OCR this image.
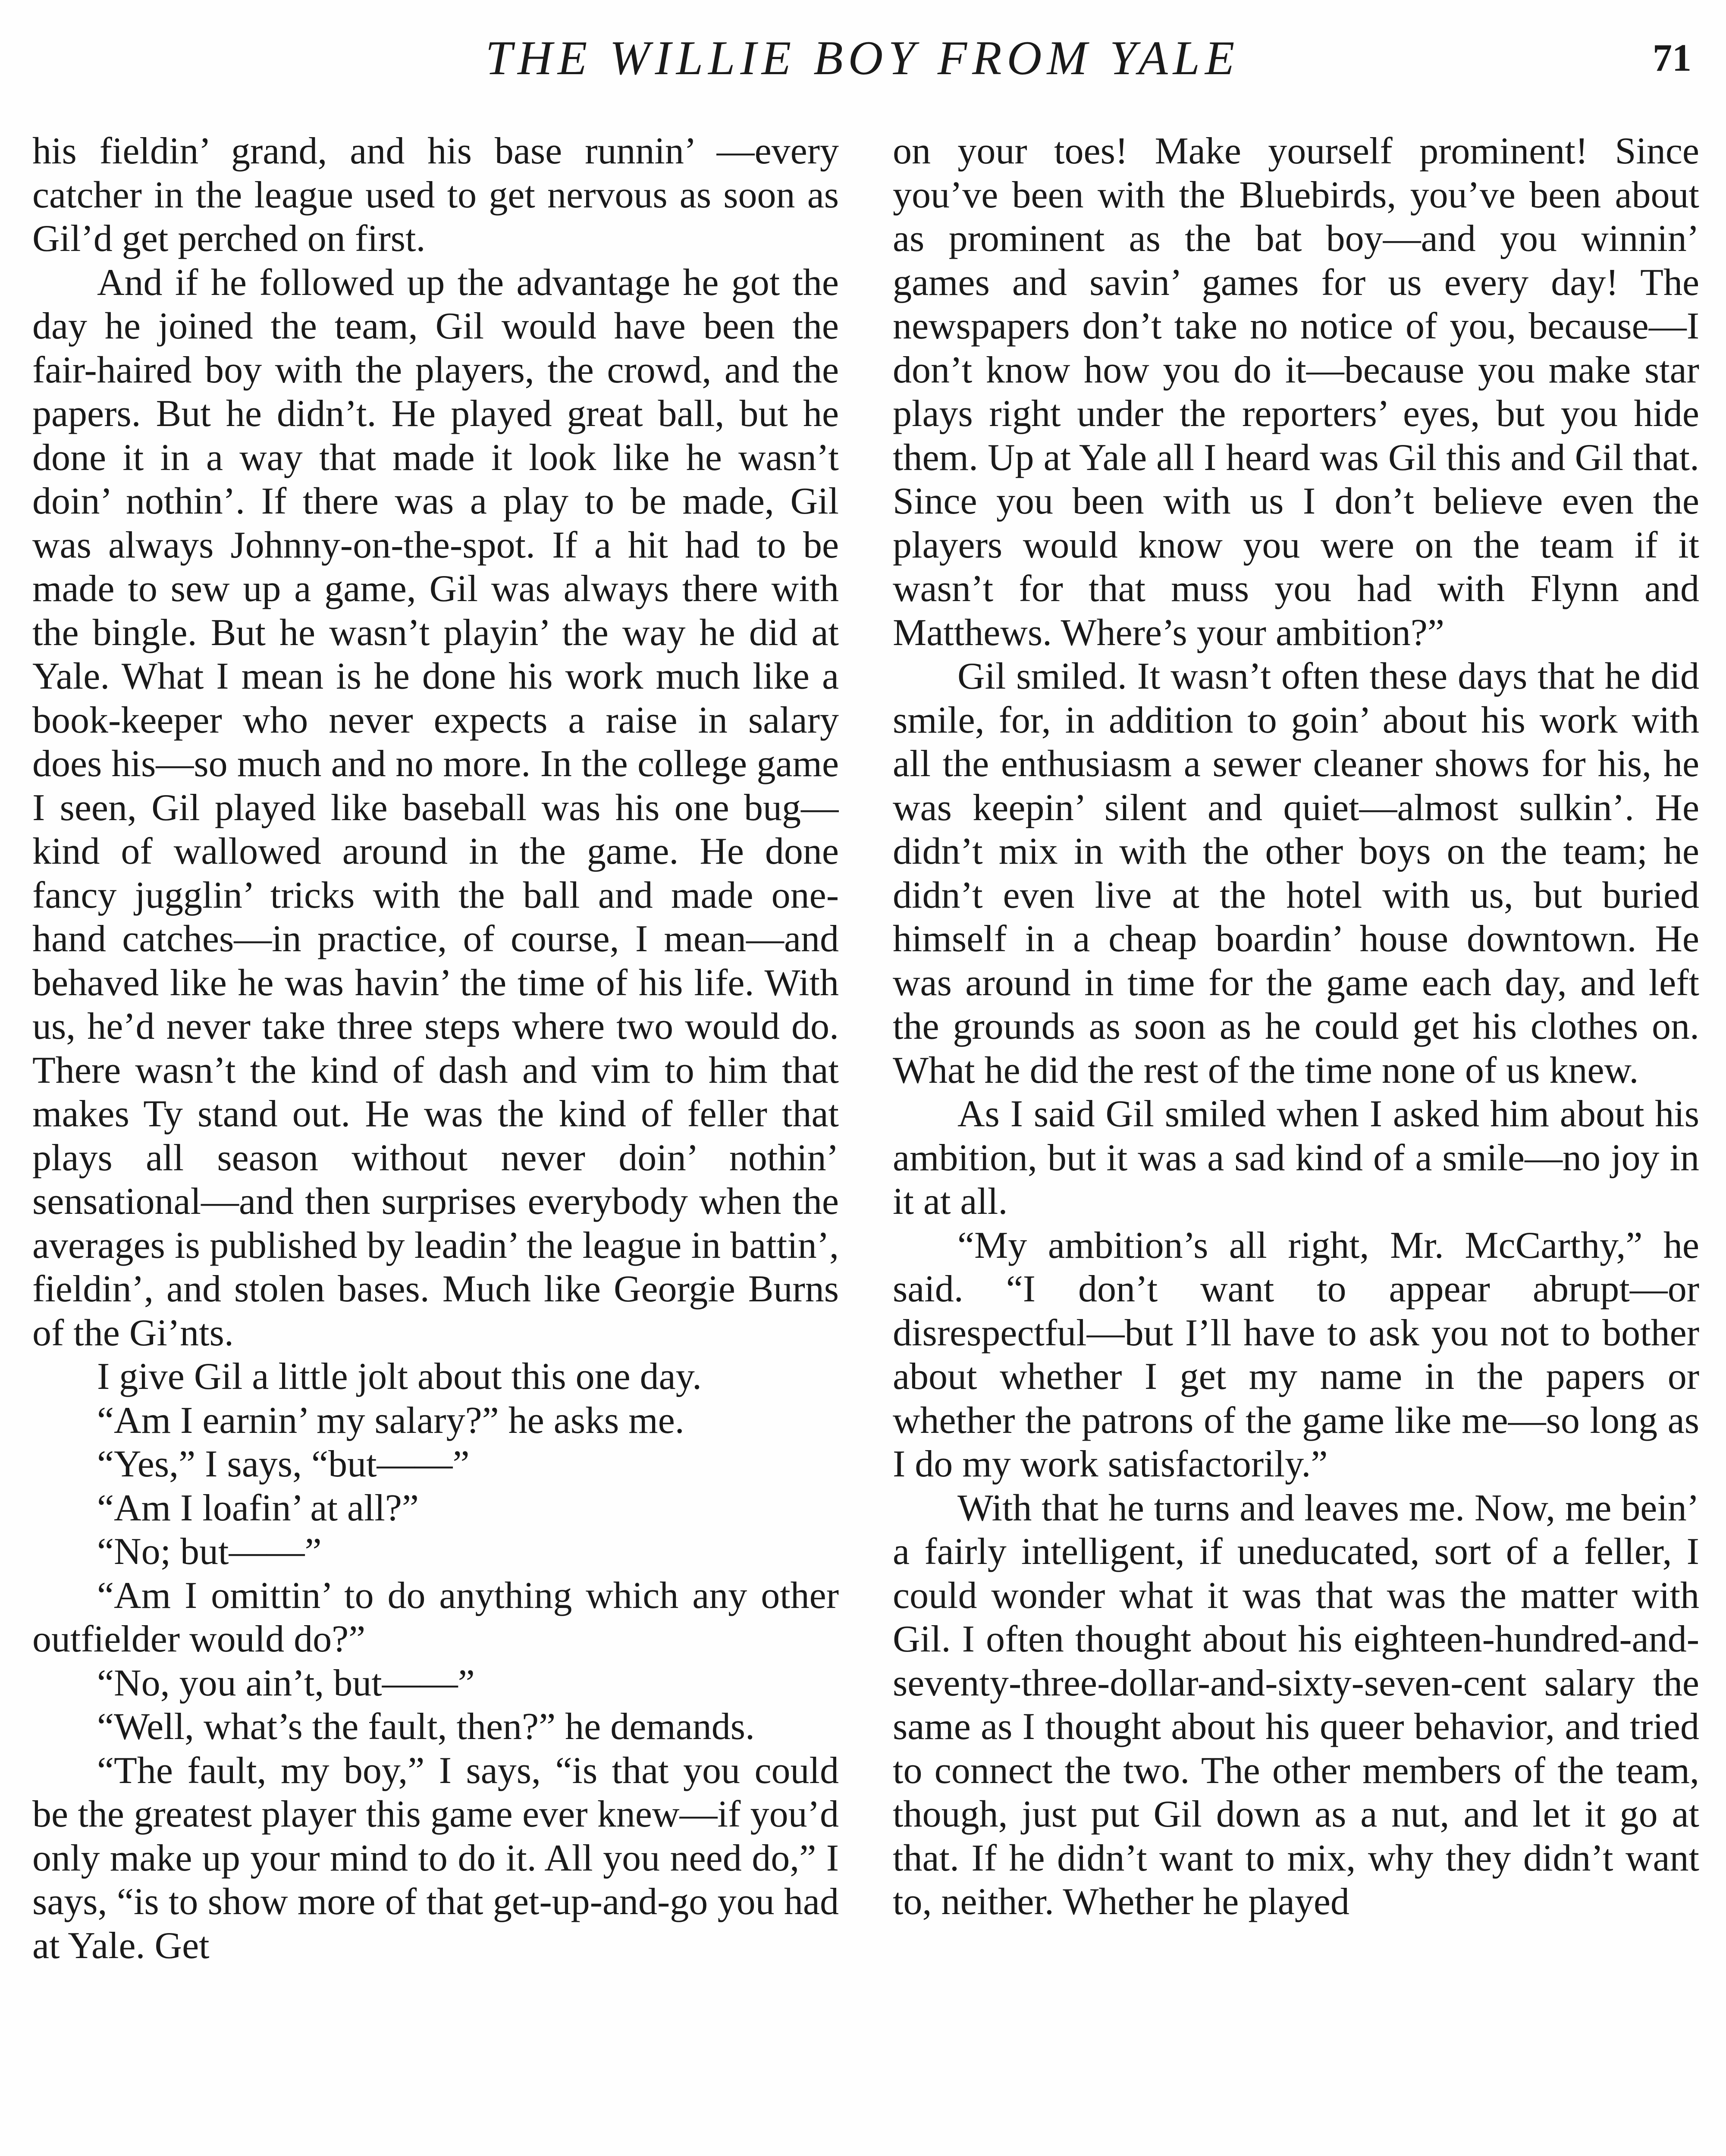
THE WILLIE BOY FROM YALE	71

his fieldin’ grand, and his base runnin’ —every catcher in the league used to get nervous as soon as Gil’d get perched on first.

And if he followed up the advantage he got the day he joined the team, Gil would have been the fair-haired boy with the players, the crowd, and the papers. But he didn’t. He played great ball, but he done it in a way that made it look like he wasn’t doin’ nothin’. If there was a play to be made, Gil was always Johnny-on-the-spot. If a hit had to be made to sew up a game, Gil was always there with the bingle. But he wasn’t playin’ the way he did at Yale. What I mean is he done his work much like a book-keeper who never expects a raise in salary does his—so much and no more. In the college game I seen, Gil played like baseball was his one bug—kind of wallowed around in the game. He done fancy jugglin’ tricks with the ball and made one-hand catches—in practice, of course, I mean—and behaved like he was havin’ the time of his life. With us, he’d never take three steps where two would do. There wasn’t the kind of dash and vim to him that makes Ty stand out. He was the kind of feller that plays all season without never doin’ nothin’ sensational—and then surprises everybody when the averages is published by leadin’ the league in battin’, fieldin’, and stolen bases. Much like Georgie Burns of the Gi’nts.

I give Gil a little jolt about this one day.

“Am I earnin’ my salary?” he asks me.

“Yes,” I says, “but——”

“Am I loafin’ at all?”

“No; but——”

“Am I omittin’ to do anything which any other outfielder would do?”

“No, you ain’t, but——”

“Well, what’s the fault, then?” he demands.

“The fault, my boy,” I says, “is that you could be the greatest player this game ever knew—if you’d only make up your mind to do it. All you need do,” I says, “is to show more of that get-up-and-go you had at Yale. Get

on your toes! Make yourself prominent! Since you’ve been with the Bluebirds, you’ve been about as prominent as the bat boy—and you winnin’ games and savin’ games for us every day! The newspapers don’t take no notice of you, because—I don’t know how you do it—because you make star plays right under the reporters’ eyes, but you hide them. Up at Yale all I heard was Gil this and Gil that. Since you been with us I don’t believe even the players would know you were on the team if it wasn’t for that muss you had with Flynn and Matthews. Where’s your ambition?”

Gil smiled. It wasn’t often these days that he did smile, for, in addition to goin’ about his work with all the enthusiasm a sewer cleaner shows for his, he was keepin’ silent and quiet—almost sulkin’. He didn’t mix in with the other boys on the team; he didn’t even live at the hotel with us, but buried himself in a cheap boardin’ house downtown. He was around in time for the game each day, and left the grounds as soon as he could get his clothes on. What he did the rest of the time none of us knew.

As I said Gil smiled when I asked him about his ambition, but it was a sad kind of a smile—no joy in it at all.

“My ambition’s all right, Mr. McCarthy,” he said. “I don’t want to appear abrupt—or disrespectful—but I’ll have to ask you not to bother about whether I get my name in the papers or whether the patrons of the game like me—so long as I do my work satisfactorily.”

With that he turns and leaves me. Now, me bein’ a fairly intelligent, if uneducated, sort of a feller, I could wonder what it was that was the matter with Gil. I often thought about his eighteen-hundred-and-seventy-three-dollar-and-sixty-seven-cent salary the same as I thought about his queer behavior, and tried to connect the two. The other members of the team, though, just put Gil down as a nut, and let it go at that. If he didn’t want to mix, why they didn’t want to, neither. Whether he played
